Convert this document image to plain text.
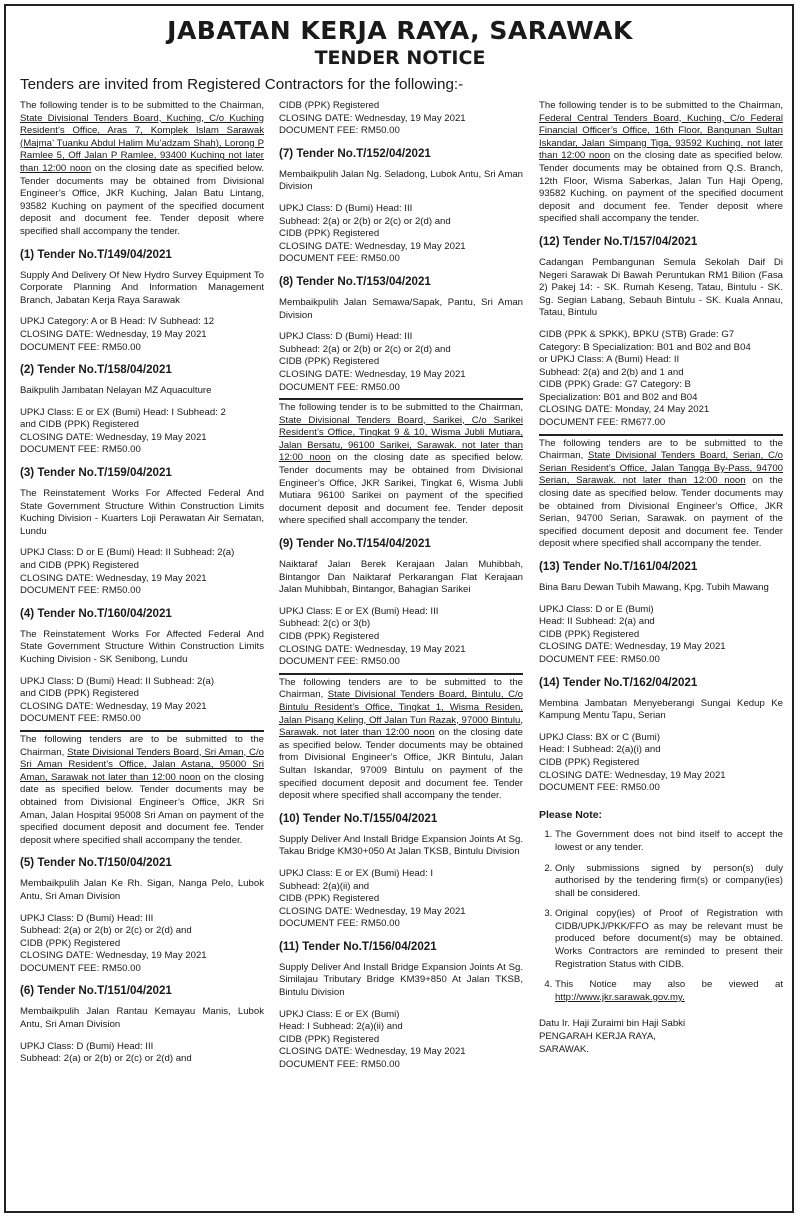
JABATAN KERJA RAYA, SARAWAK
TENDER NOTICE
Tenders are invited from Registered Contractors for the following:-

The following tender is to be submitted to the Chairman, State Divisional Tenders Board, Kuching, C/o Kuching Resident’s Office, Aras 7, Komplek Islam Sarawak (Majma’ Tuanku Abdul Halim Mu’adzam Shah), Lorong P Ramlee 5, Off Jalan P Ramlee, 93400 Kuching not later than 12:00 noon on the closing date as specified below. Tender documents may be obtained from Divisional Engineer’s Office, JKR Kuching, Jalan Batu Lintang, 93582 Kuching on payment of the specified document deposit and document fee. Tender deposit where specified shall accompany the tender.

(1) Tender No.T/149/04/2021

Supply And Delivery Of New Hydro Survey Equipment To Corporate Planning And Information Management Branch, Jabatan Kerja Raya Sarawak

UPKJ Category: A or B Head: IV Subhead: 12
CLOSING DATE: Wednesday, 19 May 2021
DOCUMENT FEE: RM50.00

(2) Tender No.T/158/04/2021

Baikpulih Jambatan Nelayan MZ Aquaculture

UPKJ Class: E or EX (Bumi) Head: I Subhead: 2
and CIDB (PPK) Registered
CLOSING DATE: Wednesday, 19 May 2021
DOCUMENT FEE: RM50.00

(3) Tender No.T/159/04/2021

The Reinstatement Works For Affected Federal And State Government Structure Within Construction Limits Kuching Division - Kuarters Loji Perawatan Air Sematan, Lundu

UPKJ Class: D or E (Bumi) Head: II Subhead: 2(a)
and CIDB (PPK) Registered
CLOSING DATE: Wednesday, 19 May 2021
DOCUMENT FEE: RM50.00

(4) Tender No.T/160/04/2021

The Reinstatement Works For Affected Federal And State Government Structure Within Construction Limits Kuching Division - SK Senibong, Lundu

UPKJ Class: D (Bumi) Head: II Subhead: 2(a)
and CIDB (PPK) Registered
CLOSING DATE: Wednesday, 19 May 2021
DOCUMENT FEE: RM50.00

The following tenders are to be submitted to the Chairman, State Divisional Tenders Board, Sri Aman, C/o Sri Aman Resident’s Office, Jalan Astana, 95000 Sri Aman, Sarawak not later than 12:00 noon on the closing date as specified below. Tender documents may be obtained from Divisional Engineer’s Office, JKR Sri Aman, Jalan Hospital 95008 Sri Aman on payment of the specified document deposit and document fee. Tender deposit where specified shall accompany the tender.

(5) Tender No.T/150/04/2021

Membaikpulih Jalan Ke Rh. Sigan, Nanga Pelo, Lubok Antu, Sri Aman Division

UPKJ Class: D (Bumi) Head: III
Subhead: 2(a) or 2(b) or 2(c) or 2(d) and
CIDB (PPK) Registered
CLOSING DATE: Wednesday, 19 May 2021
DOCUMENT FEE: RM50.00

(6) Tender No.T/151/04/2021

Membaikpulih Jalan Rantau Kemayau Manis, Lubok Antu, Sri Aman Division

UPKJ Class: D (Bumi) Head: III
Subhead: 2(a) or 2(b) or 2(c) or 2(d) and

CIDB (PPK) Registered
CLOSING DATE: Wednesday, 19 May 2021
DOCUMENT FEE: RM50.00

(7) Tender No.T/152/04/2021

Membaikpulih Jalan Ng. Seladong, Lubok Antu, Sri Aman Division

UPKJ Class: D (Bumi) Head: III
Subhead: 2(a) or 2(b) or 2(c) or 2(d) and
CIDB (PPK) Registered
CLOSING DATE: Wednesday, 19 May 2021
DOCUMENT FEE: RM50.00

(8) Tender No.T/153/04/2021

Membaikpulih Jalan Semawa/Sapak, Pantu, Sri Aman Division

UPKJ Class: D (Bumi) Head: III
Subhead: 2(a) or 2(b) or 2(c) or 2(d) and
CIDB (PPK) Registered
CLOSING DATE: Wednesday, 19 May 2021
DOCUMENT FEE: RM50.00

The following tender is to be submitted to the Chairman, State Divisional Tenders Board, Sarikei, C/o Sarikei Resident’s Office, Tingkat 9 & 10, Wisma Jubli Mutiara, Jalan Bersatu, 96100 Sarikei, Sarawak. not later than 12:00 noon on the closing date as specified below. Tender documents may be obtained from Divisional Engineer’s Office, JKR Sarikei, Tingkat 6, Wisma Jubli Mutiara 96100 Sarikei on payment of the specified document deposit and document fee. Tender deposit where specified shall accompany the tender.

(9) Tender No.T/154/04/2021

Naiktaraf Jalan Berek Kerajaan Jalan Muhibbah, Bintangor Dan Naiktaraf Perkarangan Flat Kerajaan Jalan Muhibbah, Bintangor, Bahagian Sarikei

UPKJ Class: E or EX (Bumi) Head: III
Subhead: 2(c) or 3(b)
CIDB (PPK) Registered
CLOSING DATE: Wednesday, 19 May 2021
DOCUMENT FEE: RM50.00

The following tenders are to be submitted to the Chairman, State Divisional Tenders Board, Bintulu, C/o Bintulu Resident’s Office, Tingkat 1, Wisma Residen, Jalan Pisang Keling, Off Jalan Tun Razak, 97000 Bintulu, Sarawak. not later than 12:00 noon on the closing date as specified below. Tender documents may be obtained from Divisional Engineer’s Office, JKR Bintulu, Jalan Sultan Iskandar, 97009 Bintulu on payment of the specified document deposit and document fee. Tender deposit where specified shall accompany the tender.

(10) Tender No.T/155/04/2021

Supply Deliver And Install Bridge Expansion Joints At Sg. Takau Bridge KM30+050 At Jalan TKSB, Bintulu Division

UPKJ Class: E or EX (Bumi) Head: I
Subhead: 2(a)(ii) and
CIDB (PPK) Registered
CLOSING DATE: Wednesday, 19 May 2021
DOCUMENT FEE: RM50.00

(11) Tender No.T/156/04/2021

Supply Deliver And Install Bridge Expansion Joints At Sg. Similajau Tributary Bridge KM39+850 At Jalan TKSB, Bintulu Division

UPKJ Class: E or EX (Bumi)
Head: I Subhead: 2(a)(ii) and
CIDB (PPK) Registered
CLOSING DATE: Wednesday, 19 May 2021
DOCUMENT FEE: RM50.00

The following tender is to be submitted to the Chairman, Federal Central Tenders Board, Kuching, C/o Federal Financial Officer’s Office, 16th Floor, Bangunan Sultan Iskandar, Jalan Simpang Tiga, 93592 Kuching. not later than 12:00 noon on the closing date as specified below. Tender documents may be obtained from Q.S. Branch, 12th Floor, Wisma Saberkas, Jalan Tun Haji Openg, 93582 Kuching. on payment of the specified document deposit and document fee. Tender deposit where specified shall accompany the tender.

(12) Tender No.T/157/04/2021

Cadangan Pembangunan Semula Sekolah Daif Di Negeri Sarawak Di Bawah Peruntukan RM1 Bilion (Fasa 2) Pakej 14: - SK. Rumah Keseng, Tatau, Bintulu - SK. Sg. Segian Labang, Sebauh Bintulu - SK. Kuala Annau, Tatau, Bintulu

CIDB (PPK & SPKK), BPKU (STB) Grade: G7
Category: B Specialization: B01 and B02 and B04
or UPKJ Class: A (Bumi) Head: II
Subhead: 2(a) and 2(b) and 1 and
CIDB (PPK) Grade: G7 Category: B
Specialization: B01 and B02 and B04
CLOSING DATE: Monday, 24 May 2021
DOCUMENT FEE: RM677.00

The following tenders are to be submitted to the Chairman, State Divisional Tenders Board, Serian, C/o Serian Resident’s Office, Jalan Tangga By-Pass, 94700 Serian, Sarawak. not later than 12:00 noon on the closing date as specified below. Tender documents may be obtained from Divisional Engineer’s Office, JKR Serian, 94700 Serian, Sarawak. on payment of the specified document deposit and document fee. Tender deposit where specified shall accompany the tender.

(13) Tender No.T/161/04/2021

Bina Baru Dewan Tubih Mawang, Kpg. Tubih Mawang

UPKJ Class: D or E (Bumi)
Head: II Subhead: 2(a) and
CIDB (PPK) Registered
CLOSING DATE: Wednesday, 19 May 2021
DOCUMENT FEE: RM50.00

(14) Tender No.T/162/04/2021

Membina Jambatan Menyeberangi Sungai Kedup Ke Kampung Mentu Tapu, Serian

UPKJ Class: BX or C (Bumi)
Head: I Subhead: 2(a)(i) and
CIDB (PPK) Registered
CLOSING DATE: Wednesday, 19 May 2021
DOCUMENT FEE: RM50.00

Please Note:
1. The Government does not bind itself to accept the lowest or any tender.
2. Only submissions signed by person(s) duly authorised by the tendering firm(s) or company(ies) shall be considered.
3. Original copy(ies) of Proof of Registration with CIDB/UPKJ/PKK/FFO as may be relevant must be produced before document(s) may be obtained. Works Contractors are reminded to present their Registration Status with CIDB.
4. This Notice may also be viewed at http://www.jkr.sarawak.gov.my.
Datu Ir. Haji Zuraimi bin Haji Sabki
PENGARAH KERJA RAYA,
SARAWAK.
